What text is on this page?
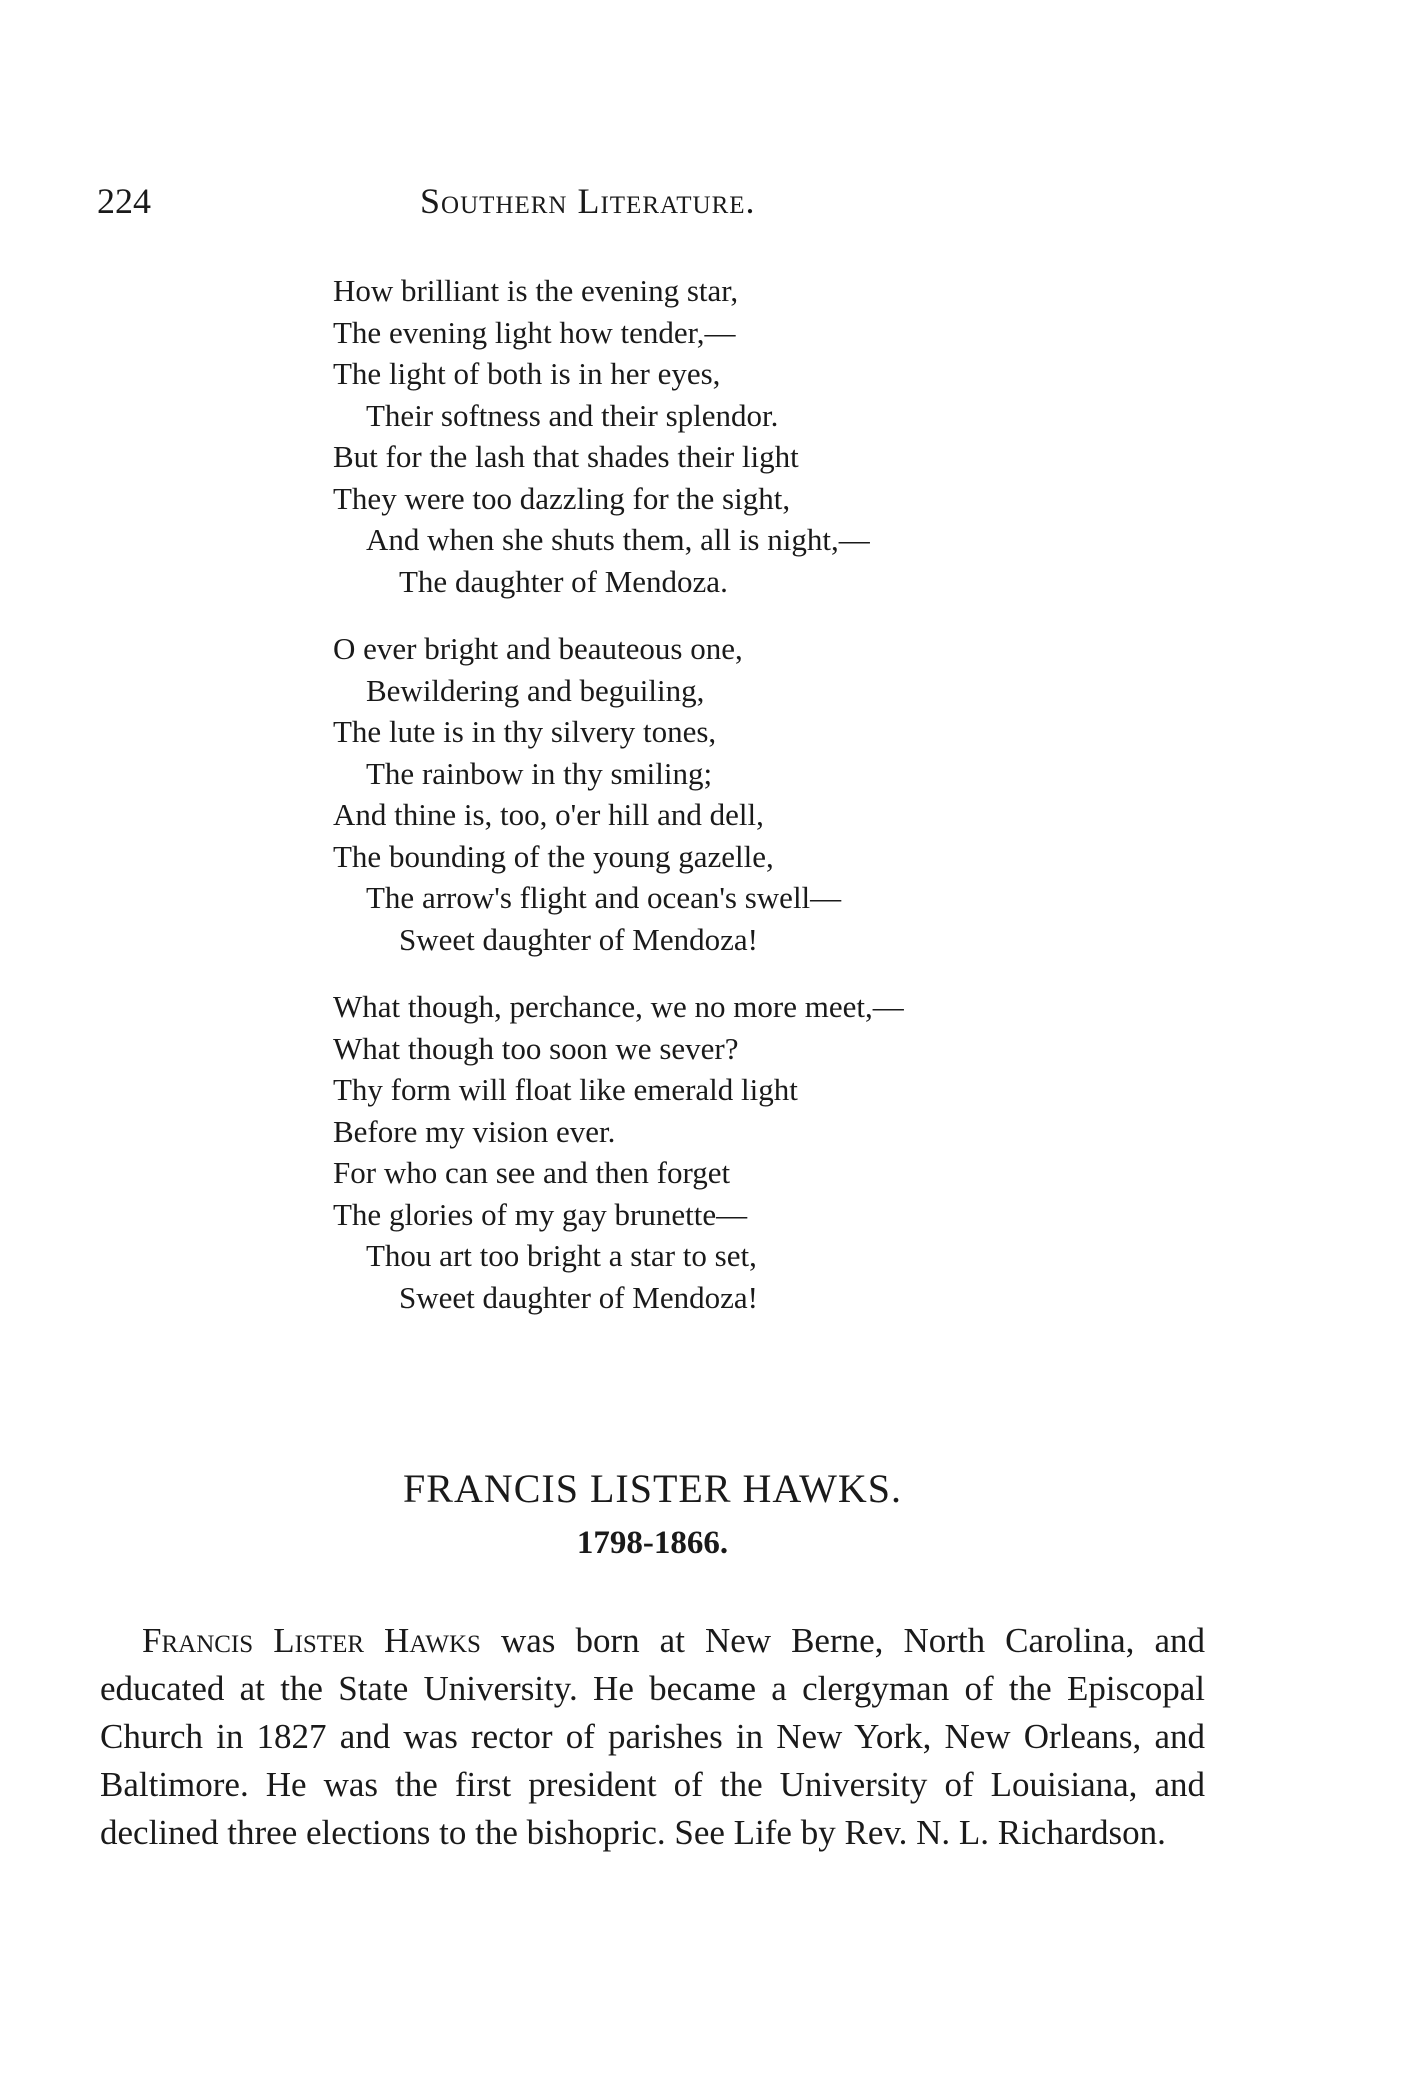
224	Southern Literature.
How brilliant is the evening star,
The evening light how tender,—
The light of both is in her eyes,
Their softness and their splendor.
But for the lash that shades their light
They were too dazzling for the sight,
And when she shuts them, all is night,—
The daughter of Mendoza.
O ever bright and beauteous one,
Bewildering and beguiling,
The lute is in thy silvery tones,
The rainbow in thy smiling;
And thine is, too, o'er hill and dell,
The bounding of the young gazelle,
The arrow's flight and ocean's swell—
Sweet daughter of Mendoza!
What though, perchance, we no more meet,—
What though too soon we sever?
Thy form will float like emerald light
Before my vision ever.
For who can see and then forget
The glories of my gay brunette—
Thou art too bright a star to set,
Sweet daughter of Mendoza!
FRANCIS LISTER HAWKS.
1798-1866.

Francis Lister Hawks was born at New Berne, North Carolina, and educated at the State University. He became a clergyman of the Episcopal Church in 1827 and was rector of parishes in New York, New Orleans, and Baltimore. He was the first president of the University of Louisiana, and declined three elections to the bishopric. See Life by Rev. N. L. Richardson.
